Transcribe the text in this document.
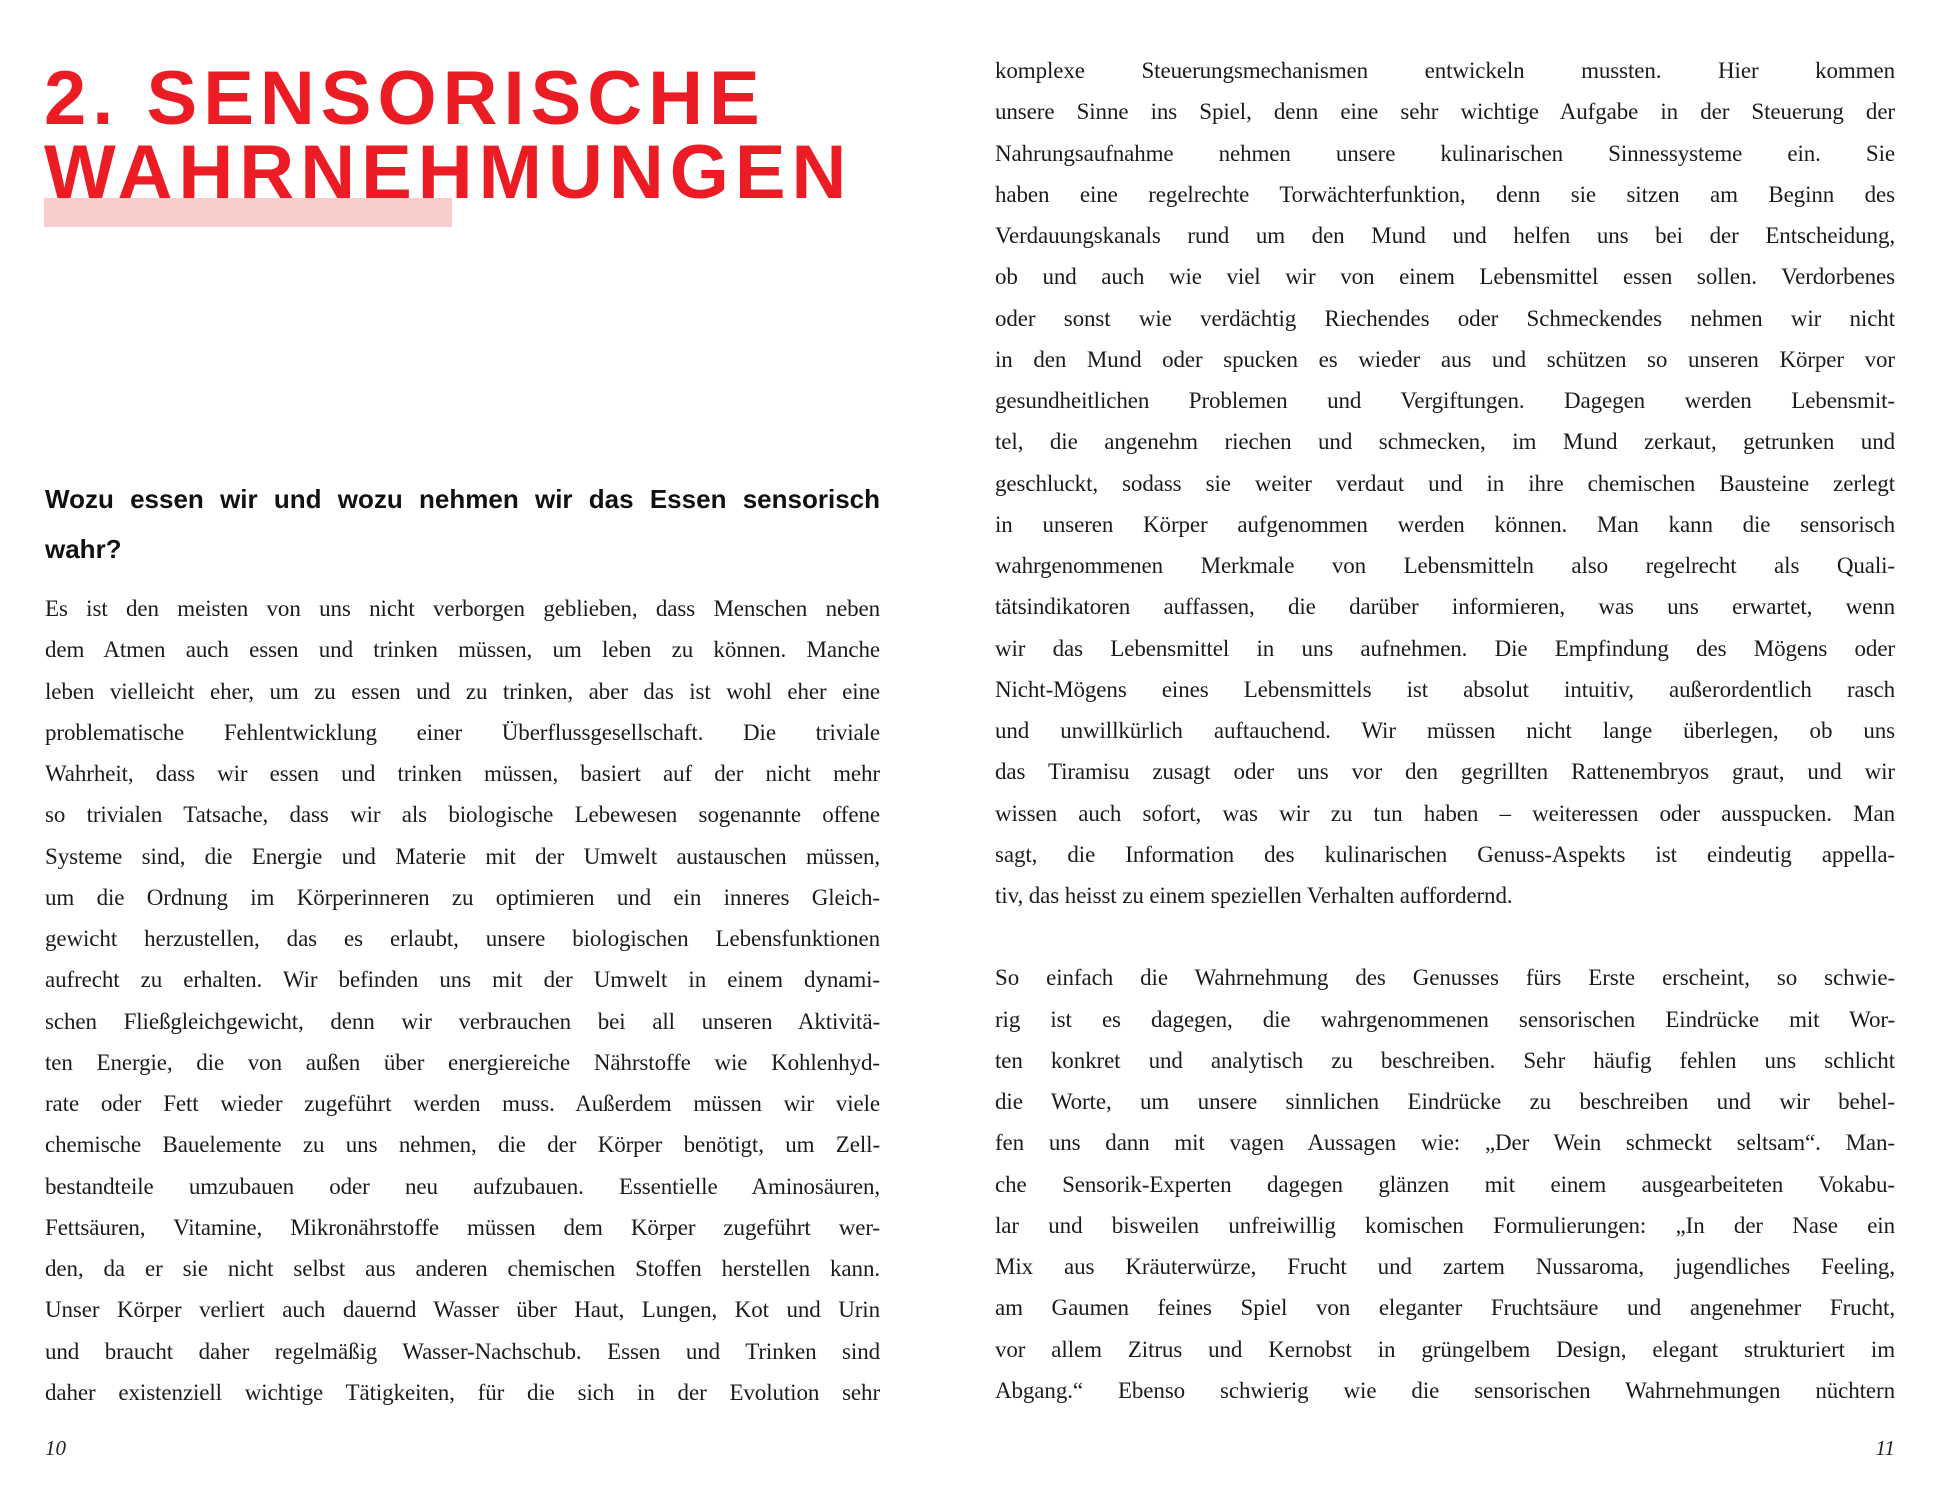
2. SENSORISCHE
WAHRNEHMUNGEN
Wozu essen wir und wozu nehmen wir das Essen sensorisch
wahr?
Es ist den meisten von uns nicht verborgen geblieben, dass Menschen neben
dem Atmen auch essen und trinken müssen, um leben zu können. Manche
leben vielleicht eher, um zu essen und zu trinken, aber das ist wohl eher eine
problematische Fehlentwicklung einer Überflussgesellschaft. Die triviale
Wahrheit, dass wir essen und trinken müssen, basiert auf der nicht mehr
so trivialen Tatsache, dass wir als biologische Lebewesen sogenannte offene
Systeme sind, die Energie und Materie mit der Umwelt austauschen müssen,
um die Ordnung im Körperinneren zu optimieren und ein inneres Gleich-
gewicht herzustellen, das es erlaubt, unsere biologischen Lebensfunktionen
aufrecht zu erhalten. Wir befinden uns mit der Umwelt in einem dynami-
schen Fließgleichgewicht, denn wir verbrauchen bei all unseren Aktivitä-
ten Energie, die von außen über energiereiche Nährstoffe wie Kohlenhyd-
rate oder Fett wieder zugeführt werden muss. Außerdem müssen wir viele
chemische Bauelemente zu uns nehmen, die der Körper benötigt, um Zell-
bestandteile umzubauen oder neu aufzubauen. Essentielle Aminosäuren,
Fettsäuren, Vitamine, Mikronährstoffe müssen dem Körper zugeführt wer-
den, da er sie nicht selbst aus anderen chemischen Stoffen herstellen kann.
Unser Körper verliert auch dauernd Wasser über Haut, Lungen, Kot und Urin
und braucht daher regelmäßig Wasser-Nachschub. Essen und Trinken sind
daher existenziell wichtige Tätigkeiten, für die sich in der Evolution sehr
komplexe Steuerungsmechanismen entwickeln mussten. Hier kommen
unsere Sinne ins Spiel, denn eine sehr wichtige Aufgabe in der Steuerung der
Nahrungsaufnahme nehmen unsere kulinarischen Sinnessysteme ein. Sie
haben eine regelrechte Torwächterfunktion, denn sie sitzen am Beginn des
Verdauungskanals rund um den Mund und helfen uns bei der Entscheidung,
ob und auch wie viel wir von einem Lebensmittel essen sollen. Verdorbenes
oder sonst wie verdächtig Riechendes oder Schmeckendes nehmen wir nicht
in den Mund oder spucken es wieder aus und schützen so unseren Körper vor
gesundheitlichen Problemen und Vergiftungen. Dagegen werden Lebensmit-
tel, die angenehm riechen und schmecken, im Mund zerkaut, getrunken und
geschluckt, sodass sie weiter verdaut und in ihre chemischen Bausteine zerlegt
in unseren Körper aufgenommen werden können. Man kann die sensorisch
wahrgenommenen Merkmale von Lebensmitteln also regelrecht als Quali-
tätsindikatoren auffassen, die darüber informieren, was uns erwartet, wenn
wir das Lebensmittel in uns aufnehmen. Die Empfindung des Mögens oder
Nicht-Mögens eines Lebensmittels ist absolut intuitiv, außerordentlich rasch
und unwillkürlich auftauchend. Wir müssen nicht lange überlegen, ob uns
das Tiramisu zusagt oder uns vor den gegrillten Rattenembryos graut, und wir
wissen auch sofort, was wir zu tun haben – weiteressen oder ausspucken. Man
sagt, die Information des kulinarischen Genuss-Aspekts ist eindeutig appella-
tiv, das heisst zu einem speziellen Verhalten auffordernd.
So einfach die Wahrnehmung des Genusses fürs Erste erscheint, so schwie-
rig ist es dagegen, die wahrgenommenen sensorischen Eindrücke mit Wor-
ten konkret und analytisch zu beschreiben. Sehr häufig fehlen uns schlicht
die Worte, um unsere sinnlichen Eindrücke zu beschreiben und wir behel-
fen uns dann mit vagen Aussagen wie: „Der Wein schmeckt seltsam“. Man-
che Sensorik-Experten dagegen glänzen mit einem ausgearbeiteten Vokabu-
lar und bisweilen unfreiwillig komischen Formulierungen: „In der Nase ein
Mix aus Kräuterwürze, Frucht und zartem Nussaroma, jugendliches Feeling,
am Gaumen feines Spiel von eleganter Fruchtsäure und angenehmer Frucht,
vor allem Zitrus und Kernobst in grüngelbem Design, elegant strukturiert im
Abgang.“ Ebenso schwierig wie die sensorischen Wahrnehmungen nüchtern
10	11
